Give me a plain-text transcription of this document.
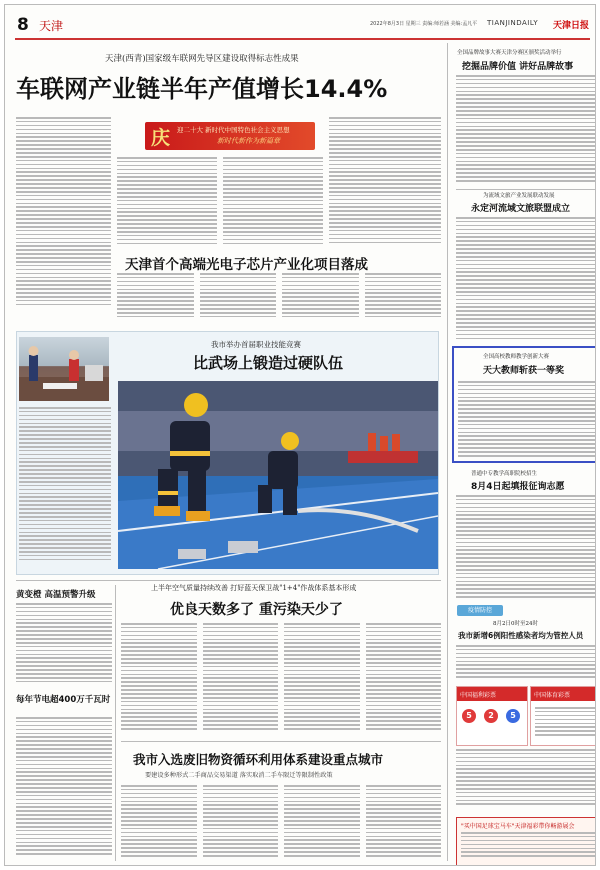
8 天津	2022年8月3日 星期三 责编:师若涵 美编:孟凡平 TIANJINDAILY 天津日报
天津(西青)国家级车联网先导区建设取得标志性成果
车联网产业链半年产值增长14.4%
庆 迎二十大 新时代中国特色社会主义思想
新时代新作为新篇章
天津首个高端光电子芯片产业化项目落成
我市举办首届职业技能竞赛
比武场上锻造过硬队伍
黄变橙 高温预警升级
每年节电超400万千瓦时
上半年空气质量持续改善 打好蓝天保卫战"1+4"作战体系基本形成
优良天数多了 重污染天少了
我市入选废旧物资循环利用体系建设重点城市
要建设多种形式二手商品交易渠道 落实取消二手车限迁等限制性政策
全国品牌故事大赛天津分赛区颁奖活动举行
挖掘品牌价值 讲好品牌故事
为流域文旅产业发展联动发展
永定河流域文旅联盟成立
全国高校教师教学创新大赛
天大教师斩获一等奖
普通中专教学高职院校招生
8月4日起填报征询志愿
疫情防控
8月2日0时至24时
我市新增6例阳性感染者均为管控人员
中国福利彩票
5	2	5
中国体育彩票
"买中国足球宝马车"天津福彩带你畅游展会
